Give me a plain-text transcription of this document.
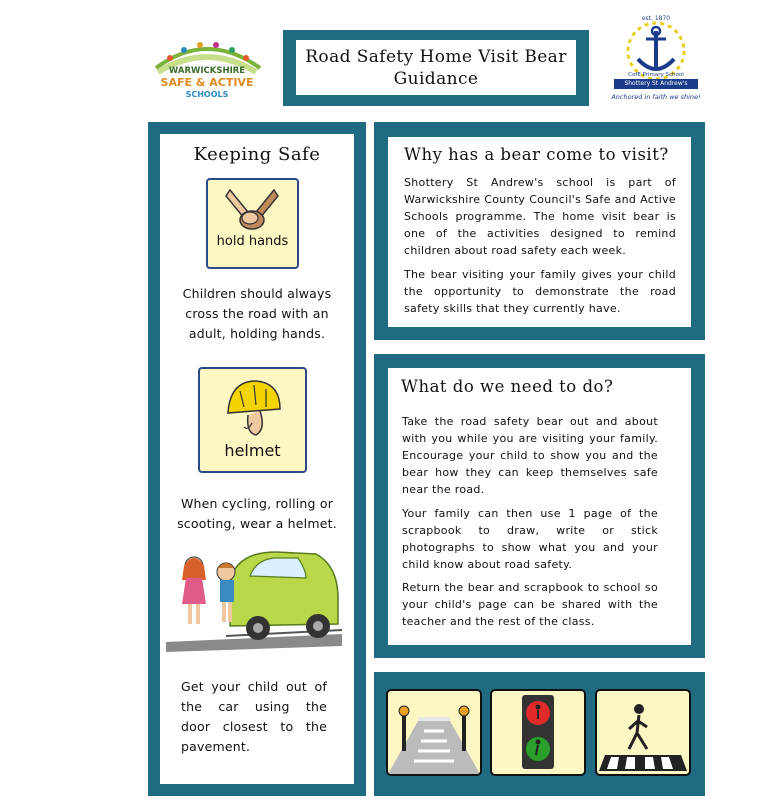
WARWICKSHIRE
SAFE & ACTIVE
SCHOOLS
Road Safety Home Visit Bear
Guidance
est. 1870
CofE Primary School
Shottery St Andrew's
Anchored in faith we shine!
Keeping Safe
hold hands
Children should always
cross the road with an
adult, holding hands.
helmet
When cycling, rolling or
scooting, wear a helmet.
Get your child out of
the car using the
door closest to the
pavement.
Why has a bear come to visit?
Shottery St Andrew's school is part of Warwickshire County Council's Safe and Active Schools programme. The home visit bear is one of the activities designed to remind children about road safety each week.
The bear visiting your family gives your child the opportunity to demonstrate the road safety skills that they currently have.
What do we need to do?
Take the road safety bear out and about with you while you are visiting your family. Encourage your child to show you and the bear how they can keep themselves safe near the road.
Your family can then use 1 page of the scrapbook to draw, write or stick photographs to show what you and your child know about road safety.
Return the bear and scrapbook to school so your child's page can be shared with the teacher and the rest of the class.
